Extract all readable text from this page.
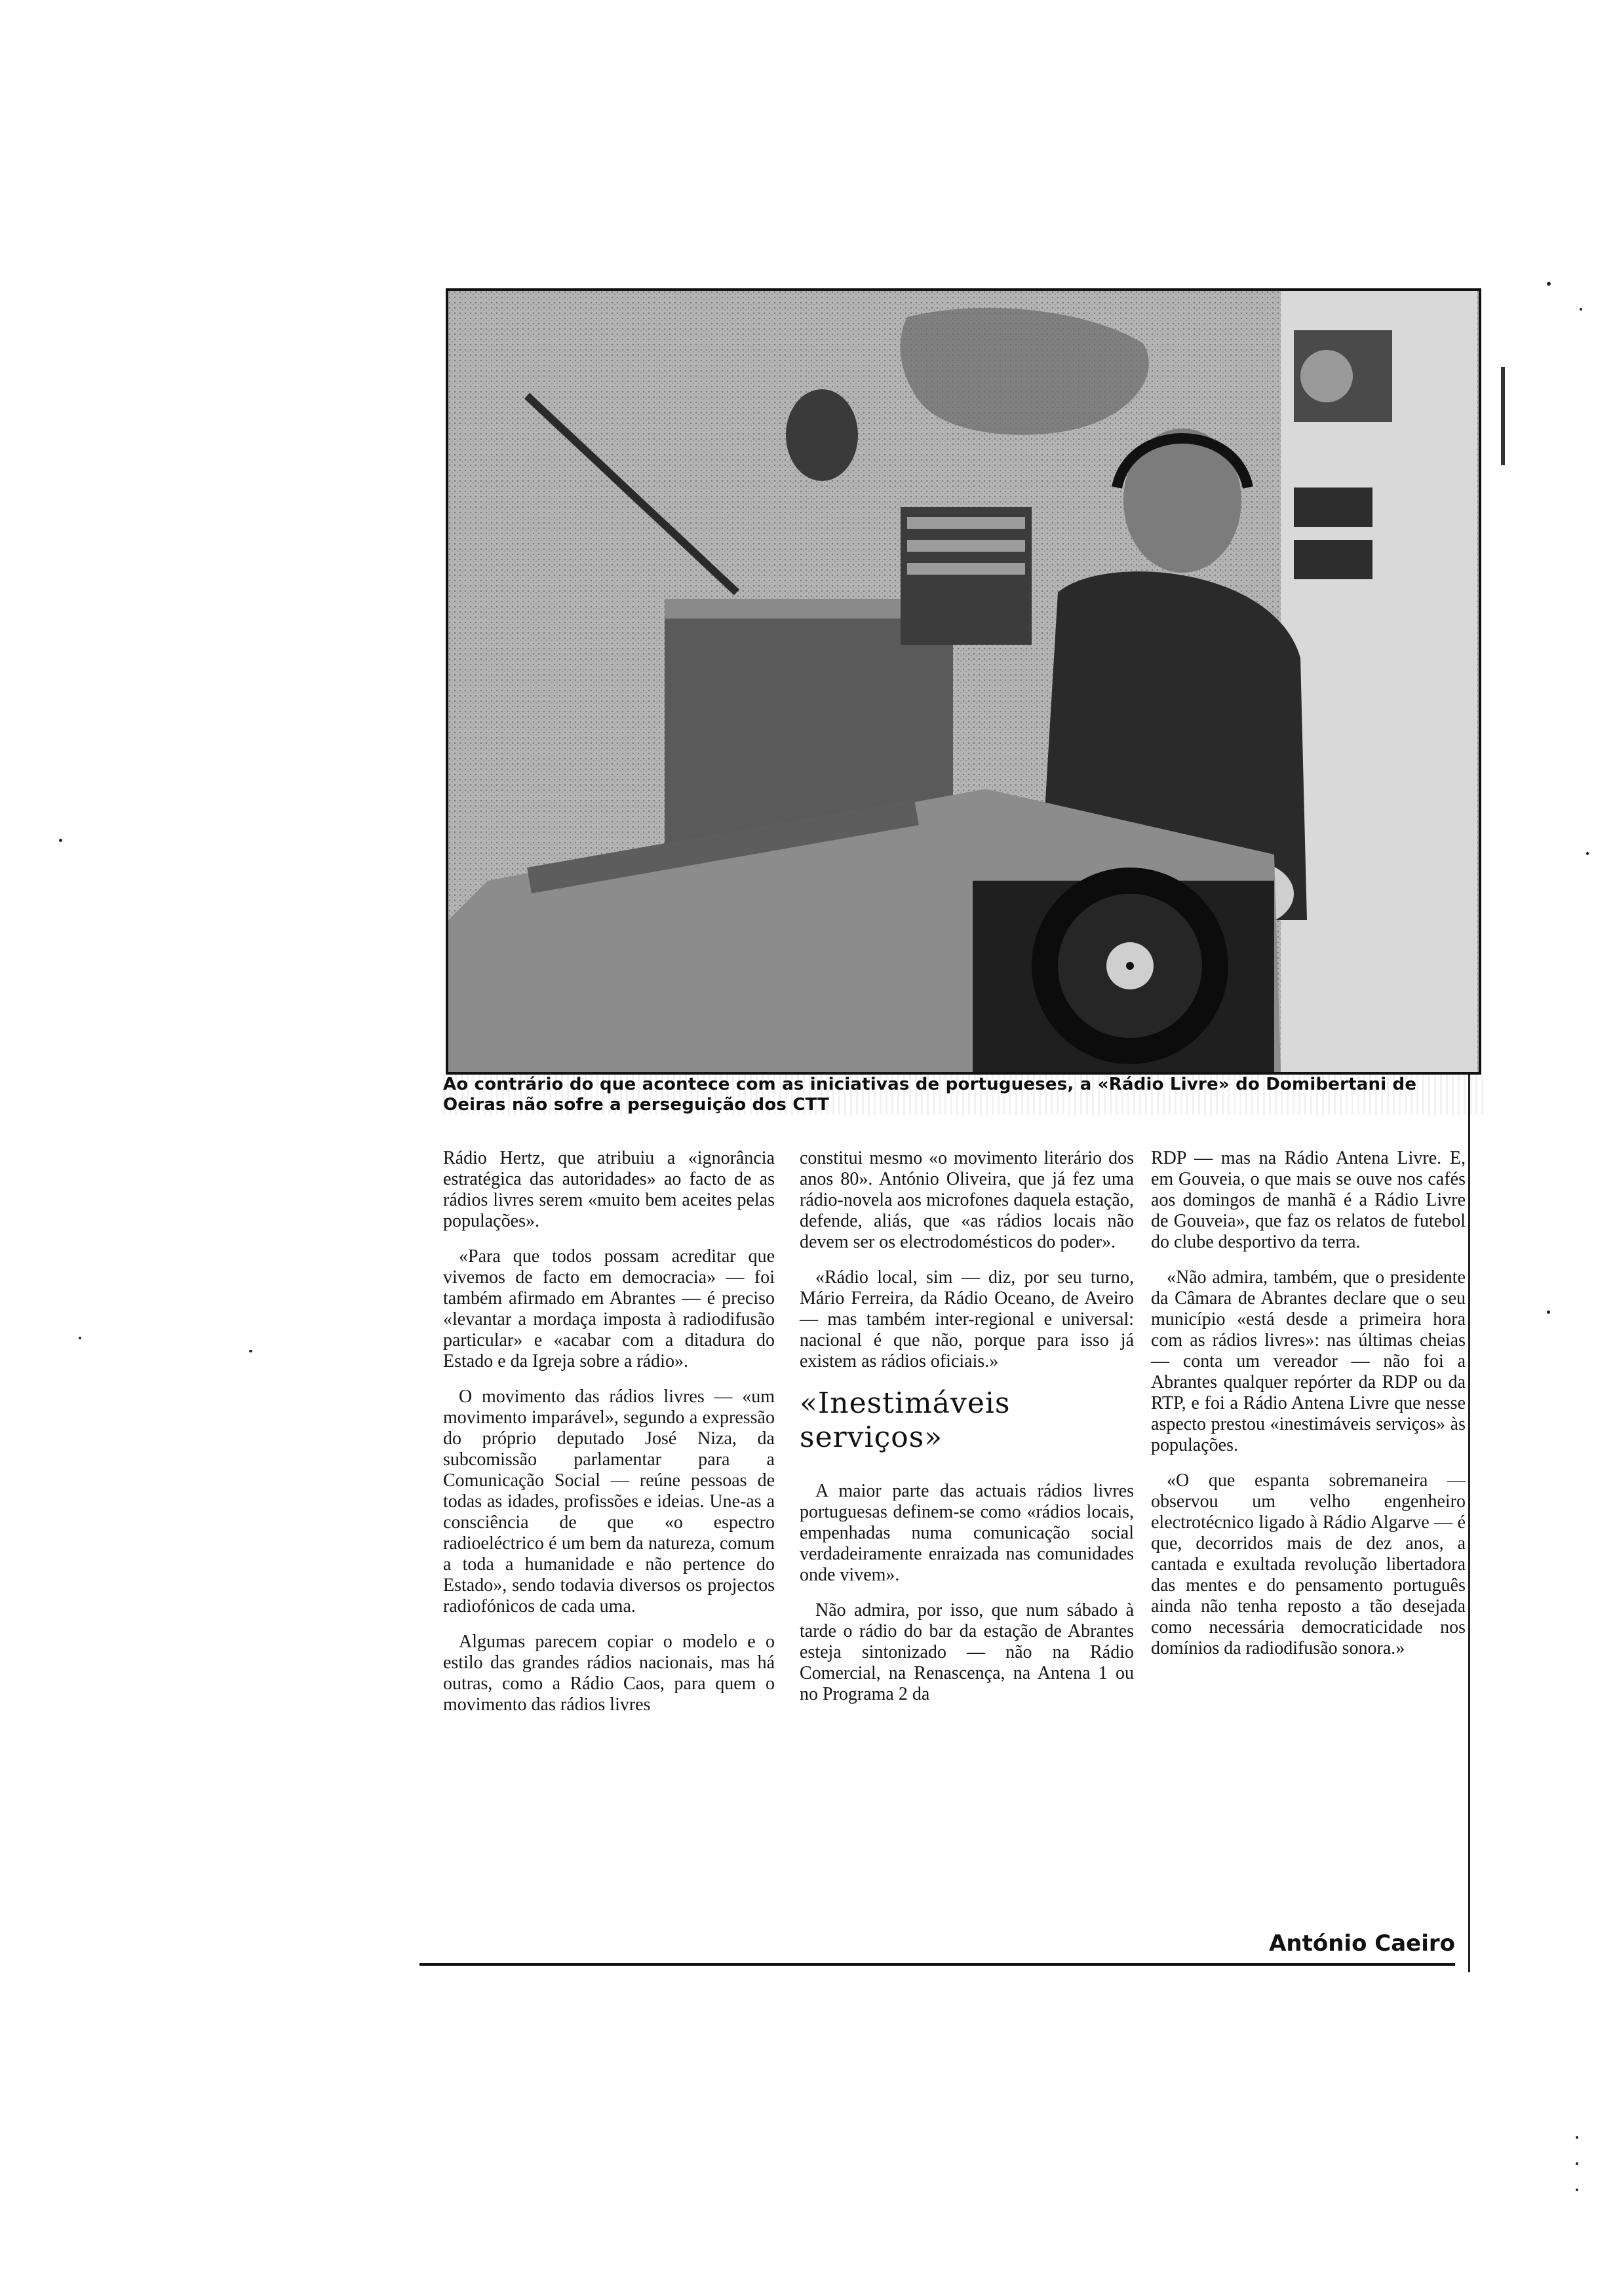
Ao contrário do que acontece com as iniciativas de portugueses, a «Rádio Livre» do Domibertani de Oeiras não sofre a perseguição dos CTT

Rádio Hertz, que atribuiu a «ignorância estratégica das autoridades» ao facto de as rádios livres serem «muito bem aceites pelas populações».

«Para que todos possam acreditar que vivemos de facto em democracia» — foi também afirmado em Abrantes — é preciso «levantar a mordaça imposta à radiodifusão particular» e «acabar com a ditadura do Estado e da Igreja sobre a rádio».

O movimento das rádios livres — «um movimento imparável», segundo a expressão do próprio deputado José Niza, da subcomissão parlamentar para a Comunicação Social — reúne pessoas de todas as idades, profissões e ideias. Une-as a consciência de que «o espectro radioeléctrico é um bem da natureza, comum a toda a humanidade e não pertence do Estado», sendo todavia diversos os projectos radiofónicos de cada uma.

Algumas parecem copiar o modelo e o estilo das grandes rádios nacionais, mas há outras, como a Rádio Caos, para quem o movimento das rádios livres

constitui mesmo «o movimento literário dos anos 80». António Oliveira, que já fez uma rádio-novela aos microfones daquela estação, defende, aliás, que «as rádios locais não devem ser os electrodomésticos do poder».

«Rádio local, sim — diz, por seu turno, Mário Ferreira, da Rádio Oceano, de Aveiro — mas também inter-regional e universal: nacional é que não, porque para isso já existem as rádios oficiais.»

«Inestimáveis serviços»

A maior parte das actuais rádios livres portuguesas definem-se como «rádios locais, empenhadas numa comunicação social verdadeiramente enraizada nas comunidades onde vivem».

Não admira, por isso, que num sábado à tarde o rádio do bar da estação de Abrantes esteja sintonizado — não na Rádio Comercial, na Renascença, na Antena 1 ou no Programa 2 da

RDP — mas na Rádio Antena Livre. E, em Gouveia, o que mais se ouve nos cafés aos domingos de manhã é a Rádio Livre de Gouveia», que faz os relatos de futebol do clube desportivo da terra.

«Não admira, também, que o presidente da Câmara de Abrantes declare que o seu município «está desde a primeira hora com as rádios livres»: nas últimas cheias — conta um vereador — não foi a Abrantes qualquer repórter da RDP ou da RTP, e foi a Rádio Antena Livre que nesse aspecto prestou «inestimáveis serviços» às populações.

«O que espanta sobremaneira — observou um velho engenheiro electrotécnico ligado à Rádio Algarve — é que, decorridos mais de dez anos, a cantada e exultada revolução libertadora das mentes e do pensamento português ainda não tenha reposto a tão desejada como necessária democraticidade nos domínios da radiodifusão sonora.»

António Caeiro
